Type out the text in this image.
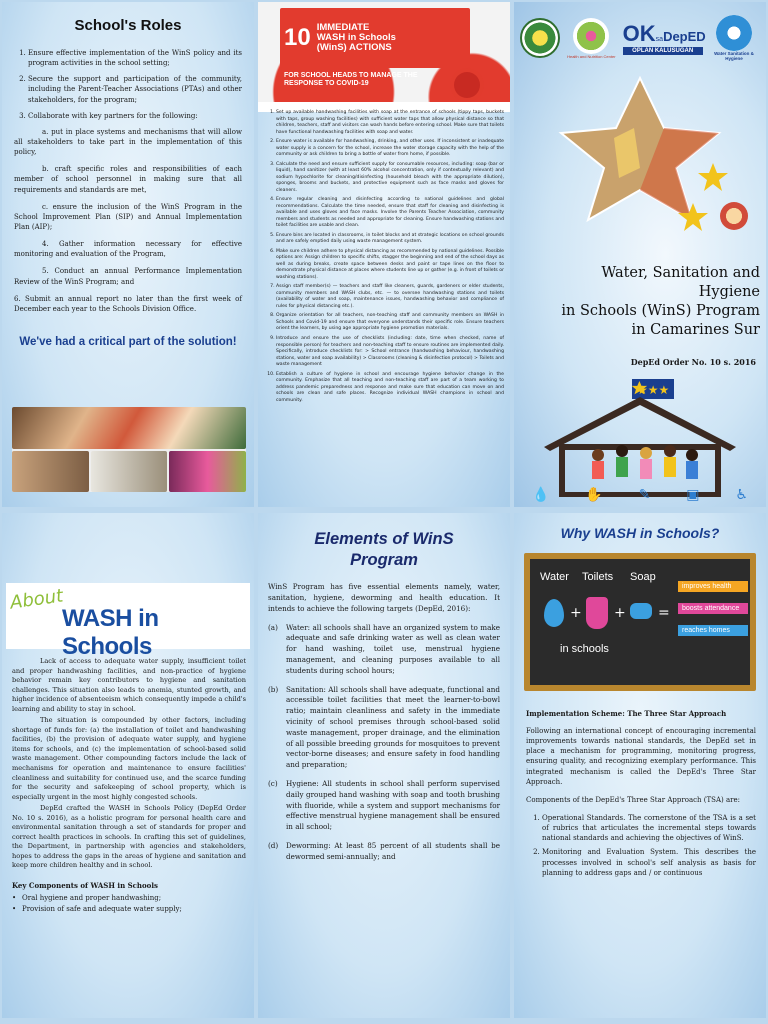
School's Roles
1. Ensure effective implementation of the WinS policy and its program activities in the school setting;
2. Secure the support and participation of the community, including the Parent-Teacher Associations (PTAs) and other stakeholders, for the program;
3. Collaborate with key partners for the following:

a. put in place systems and mechanisms that will allow all stakeholders to take part in the implementation of this policy,

b. craft specific roles and responsibilities of each member of school personnel in making sure that all requirements and standards are met,

c. ensure the inclusion of the WinS Program in the School Improvement Plan (SIP) and Annual Implementation Plan (AIP);

4. Gather information necessary for effective monitoring and evaluation of the Program,

5. Conduct an annual Performance Implementation Review of the WinS Program; and

6. Submit an annual report no later than the first week of December each year to the Schools Division Office.

We've had a critical part of the solution!
10 IMMEDIATE
WASH in Schools
(WinS) ACTIONS
FOR SCHOOL HEADS TO MANAGE THE RESPONSE TO COVID-19
1. Set up available handwashing facilities with soap at the entrance of schools (tippy taps, buckets with taps, group washing facilities) with sufficient water taps that allow physical distance so that children, teachers, staff and visitors can wash hands before entering school. Make sure that toilets have functional handwashing facilities with soap and water.
2. Ensure water is available for handwashing, drinking, and other uses. If inconsistent or inadequate water supply is a concern for the school, increase the water storage capacity with the help of the community or ask children to bring a bottle of water from home, if possible.
3. Calculate the need and ensure sufficient supply for consumable resources, including: soap (bar or liquid), hand sanitizer (with at least 60% alcohol concentration, only if contextually relevant) and sodium hypochlorite for cleaning/disinfecting (household bleach with the appropriate dilution), sponges, brooms and buckets, and protective equipment such as face masks and gloves for cleaners.
4. Ensure regular cleaning and disinfecting according to national guidelines and global recommendations. Calculate the time needed, ensure that staff for cleaning and disinfecting is available and uses gloves and face masks. Involve the Parents Teacher Association, community members and students as needed and appropriate for cleaning. Ensure handwashing stations and toilet facilities are usable and clean.
5. Ensure bins are located in classrooms, in toilet blocks and at strategic locations on school grounds and are safely emptied daily using waste management system.
6. Make sure children adhere to physical distancing as recommended by national guidelines. Possible options are: Assign children to specific shifts, stagger the beginning and end of the school days as well as during breaks, create space between desks and paint or tape lines on the floor to demonstrate physical distance at places where students line up or gather (e.g. in front of toilets or washing stations).
7. Assign staff member(s) — teachers and staff like cleaners, guards, gardeners or elder students, community members and WASH clubs, etc. — to oversee handwashing stations and toilets (availability of water and soap, maintenance issues, handwashing behavior and compliance of rules for physical distancing etc.).
8. Organize orientation for all teachers, non-teaching staff and community members on WASH in Schools and Covid-19 and ensure that everyone understands their specific role. Ensure teachers orient the learners, by using age appropriate hygiene promotion materials.
9. Introduce and ensure the use of checklists (including: date, time when checked, name of responsible person) for teachers and non-teaching staff to ensure routines are implemented daily. Specifically, introduce checklists for: > School entrance (handwashing behaviour, handwashing stations, water and soap availability) > Classrooms (cleaning & disinfection protocol) > Toilets and waste management
10. Establish a culture of hygiene in school and encourage hygiene behavior change in the community. Emphasize that all teaching and non-teaching staff are part of a team working to address pandemic preparedness and response and make sure that education can move on and schools are clean and safe places. Recognize individual WASH champions in school and community.
Health and Nutrition Center
OKsaDepED
OPLAN KALUSUGAN	Water Sanitation & Hygiene
Water, Sanitation and
Hygiene
in Schools (WinS) Program
in Camarines Sur
DepEd Order No. 10 s. 2016
★★★
💧	✋	✎	▣	♿
About
WASH in Schools

Lack of access to adequate water supply, insufficient toilet and proper handwashing facilities, and non-practice of hygiene behavior remain key contributors to hygiene and sanitation challenges. This situation also leads to anemia, stunted growth, and higher incidence of absenteeism which consequently impede a child's learning and ability to stay in school.

The situation is compounded by other factors, including shortage of funds for: (a) the installation of toilet and handwashing facilities, (b) the provision of adequate water supply, and hygiene items for schools, and (c) the implementation of school-based solid waste management. Other compounding factors include the lack of mechanisms for operation and maintenance to ensure facilities' cleanliness and suitability for continued use, and the scarce funding for the security and safekeeping of school property, which is especially urgent in the most highly congested schools.

DepEd crafted the WASH in Schools Policy (DepEd Order No. 10 s. 2016), as a holistic program for personal health care and environmental sanitation through a set of standards for proper and correct health practices in schools. In crafting this set of guidelines, the Department, in partnership with agencies and stakeholders, hopes to address the gaps in the areas of hygiene and sanitation and keep more children healthy and in school.

Key Components of WASH in Schools
• Oral hygiene and proper handwashing;
• Provision of safe and adequate water supply;
Elements of WinS
Program

WinS Program has five essential elements namely, water, sanitation, hygiene, deworming and health education. It intends to achieve the following targets (DepEd, 2016):

(a)	Water: all schools shall have an organized system to make adequate and safe drinking water as well as clean water for hand washing, toilet use, menstrual hygiene management, and cleaning purposes available to all students during school hours;
(b)	Sanitation: All schools shall have adequate, functional and accessible toilet facilities that meet the learner-to-bowl ratio; maintain cleanliness and safety in the immediate vicinity of school premises through school-based solid waste management, proper drainage, and the elimination of all possible breeding grounds for mosquitoes to prevent vector-borne diseases; and ensure safety in food handling and preparation;
(c)	Hygiene: All students in school shall perform supervised daily grouped hand washing with soap and tooth brushing with fluoride, while a system and support mechanisms for effective menstrual hygiene management shall be ensured in all school;
(d)	Deworming: At least 85 percent of all students shall be dewormed semi-annually; and
Why WASH in Schools?
Water Toilets Soap
+ + =
in schools
improves health
boosts attendance
reaches homes
Implementation Scheme: The Three Star Approach

Following an international concept of encouraging incremental improvements towards national standards, the DepEd set in place a mechanism for programming, monitoring progress, ensuring quality, and recognizing exemplary performance. This integrated mechanism is called the DepEd's Three Star Approach.

Components of the DepEd's Three Star Approach (TSA) are:

1. Operational Standards. The cornerstone of the TSA is a set of rubrics that articulates the incremental steps towards national standards and achieving the objectives of WinS.
2. Monitoring and Evaluation System. This describes the processes involved in school's self analysis as basis for planning to address gaps and / or continuous
